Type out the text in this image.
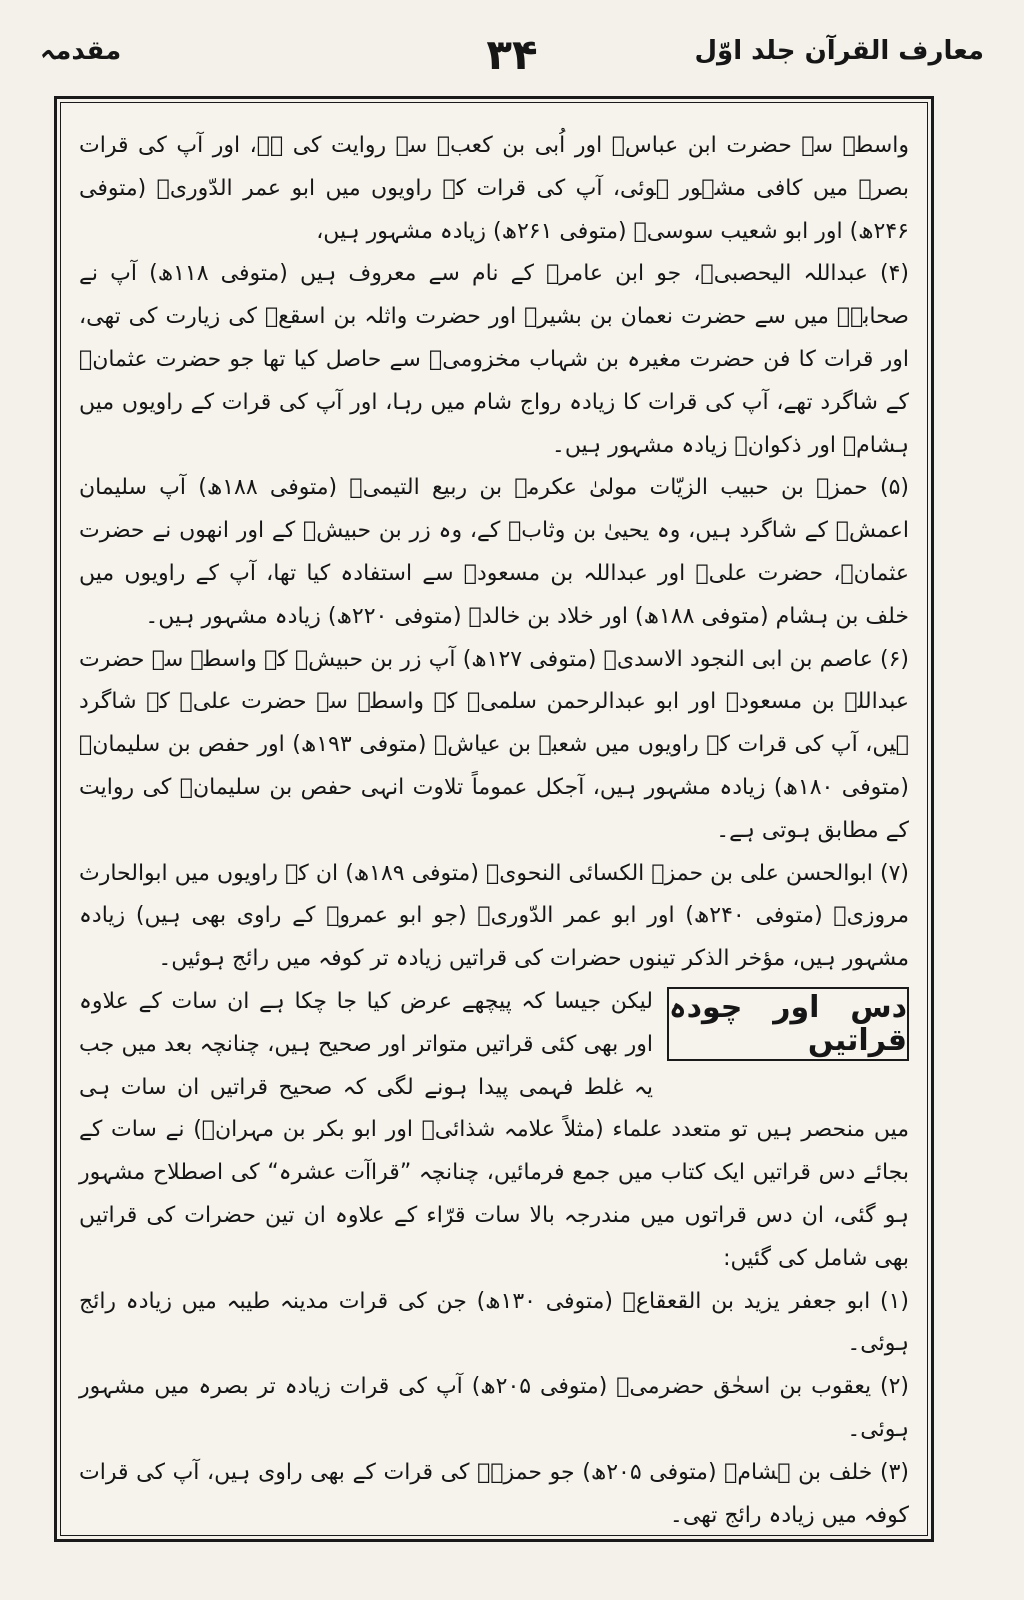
معارف القرآن جلد اوّل
۳۴
مقدمہ

واسطہ سے حضرت ابن عباسؓ اور اُبی بن کعبؓ سے روایت کی ہے، اور آپ کی قرات بصرہ میں کافی مشہور ہوئی، آپ کی قرات کے راویوں میں ابو عمر الدّوریؒ (متوفی ۲۴۶ھ) اور ابو شعیب سوسیؒ (متوفی ۲۶۱ھ) زیادہ مشہور ہیں،

(۴) عبداللہ الیحصبیؒ، جو ابن عامرؒ کے نام سے معروف ہیں (متوفی ۱۱۸ھ) آپ نے صحابہؓ میں سے حضرت نعمان بن بشیرؓ اور حضرت واثلہ بن اسقعؓ کی زیارت کی تھی، اور قرات کا فن حضرت مغیرہ بن شہاب مخزومیؒ سے حاصل کیا تھا جو حضرت عثمانؓ کے شاگرد تھے، آپ کی قرات کا زیادہ رواج شام میں رہا، اور آپ کی قرات کے راویوں میں ہشامؒ اور ذکوانؒ زیادہ مشہور ہیں۔

(۵) حمزۃ بن حبیب الزیّات مولیٰ عکرمہ بن ربیع التیمیؒ (متوفی ۱۸۸ھ) آپ سلیمان اعمشؒ کے شاگرد ہیں، وہ یحییٰ بن وثابؒ کے، وہ زر بن حبیشؒ کے اور انھوں نے حضرت عثمانؓ، حضرت علیؓ اور عبداللہ بن مسعودؓ سے استفادہ کیا تھا، آپ کے راویوں میں خلف بن ہشام (متوفی ۱۸۸ھ) اور خلاد بن خالدؒ (متوفی ۲۲۰ھ) زیادہ مشہور ہیں۔

(۶) عاصم بن ابی النجود الاسدیؒ (متوفی ۱۲۷ھ) آپ زر بن حبیشؒ کے واسطہ سے حضرت عبداللہ بن مسعودؓ اور ابو عبدالرحمن سلمیؒ کے واسطہ سے حضرت علیؓ کے شاگرد ہیں، آپ کی قرات کے راویوں میں شعبہ بن عیاشؒ (متوفی ۱۹۳ھ) اور حفص بن سلیمانؒ (متوفی ۱۸۰ھ) زیادہ مشہور ہیں، آجکل عموماً تلاوت انہی حفص بن سلیمانؒ کی روایت کے مطابق ہوتی ہے۔

(۷) ابوالحسن علی بن حمزۃ الکسائی النحویؒ (متوفی ۱۸۹ھ) ان کے راویوں میں ابوالحارث مروزیؒ (متوفی ۲۴۰ھ) اور ابو عمر الدّوریؒ (جو ابو عمروؒ کے راوی بھی ہیں) زیادہ مشہور ہیں، مؤخر الذکر تینوں حضرات کی قراتیں زیادہ تر کوفہ میں رائج ہوئیں۔

دس اور چودہ قراتیں

لیکن جیسا کہ پیچھے عرض کیا جا چکا ہے ان سات کے علاوہ اور بھی کئی قراتیں متواتر اور صحیح ہیں، چنانچہ بعد میں جب یہ غلط فہمی پیدا ہونے لگی کہ صحیح قراتیں ان سات ہی میں منحصر ہیں تو متعدد علماء (مثلاً علامہ شذائیؒ اور ابو بکر بن مہرانؒ) نے سات کے بجائے دس قراتیں ایک کتاب میں جمع فرمائیں، چنانچہ ”قراآت عشرہ“ کی اصطلاح مشہور ہو گئی، ان دس قراتوں میں مندرجہ بالا سات قرّاء کے علاوہ ان تین حضرات کی قراتیں بھی شامل کی گئیں:

(۱) ابو جعفر یزید بن القعقاعؒ (متوفی ۱۳۰ھ) جن کی قرات مدینہ طیبہ میں زیادہ رائج ہوئی۔

(۲) یعقوب بن اسحٰق حضرمیؒ (متوفی ۲۰۵ھ) آپ کی قرات زیادہ تر بصرہ میں مشہور ہوئی۔

(۳) خلف بن ہشامؒ (متوفی ۲۰۵ھ) جو حمزہؒ کی قرات کے بھی راوی ہیں، آپ کی قرات کوفہ میں زیادہ رائج تھی۔
